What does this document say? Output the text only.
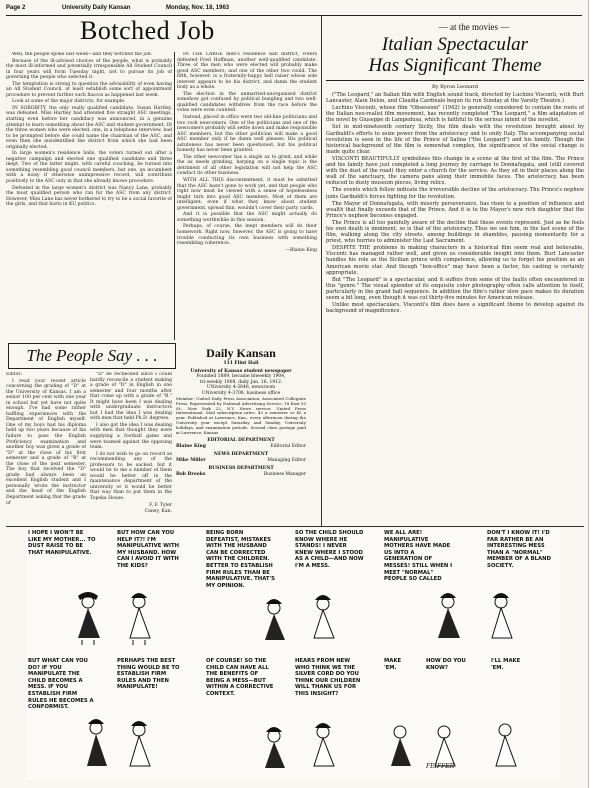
Page 2	University Daily Kansan	Monday, Nov. 18, 1963
Botched Job

Well, the people spoke last week—and they botched the job.

Because of the ill-advised choices of the people, what is probably the most ill-informed and potentially irresponsible All Student Council in four years will form Tuesday night, not to pursue its job of governing the people who selected it.

The temptation is strong to question the advisability of even having an All Student Council, at least establish some sort of appointment procedure to prevent further such fiascos as happened last week.

Look at some of the major districts, for example.

IN SOROBITY, the only really qualified candidate, Susan Hartley, was defeated. Miss Hartley had attended five straight ASC meetings, starting even before her candidacy was announced, in a genuine attempt to learn something about the ASC and student government. Of the three women who were elected, one, in a telephone interview, had to be prompted before she could name the chairman of the ASC, and even then she misidentified the district from which she had been originally elected.

In large women's residence halls, the voters turned out after a negative campaign and elected one qualified candidate and three inept. Two of the latter might, with careful coaching, be turned into something resembling good council members, but one, an incumbent with a noisy if otherwise unimpressive record, will contribute positively to the ASC only in that she already knows procedure.

Defeated in the large women's district was Nancy Lane, probably the most qualified person who ran for the ASC from any district. However, Miss Lane has never bothered to try to be a social favorite of the girls, and that hurts in KU politics.

IN THE LARGE men's residence hall district, voters defeated Fred Hoffman, another well-qualified candidate. Three of the men who were elected will probably make good ASC members, and one of the other two could. The fifth, however, is a fraternity-happy hell raiser whose sole interest appears to be his district, and damn the student body as a whole.

The election in the unmarried-unorganized district somehow got confused by political bungling and two well-qualified candidates withdrew from the race before the votes were even counted.

Instead, placed in office were two old-line politicians and two rock newcomers. One of the politicians and one of the newcomers probably will settle down and make responsible ASC members, but the other politician will make a good ASC member only if he damn well pleases. His political astuteness has never been questioned, but his political honesty has never been granted.

The other newcomer has a single ax to grind, and while the ax needs grinding, harping on a single topic is the detriment of all other legislation will not help the ASC conduct its other business.

WITH ALL THIS discontentment, it must be admitted that the ASC hasn't gone to work yet, and that people who right now must be viewed with a sense of hopelessness might turn into good ASC members. Most of them are intelligent, even if what they know about student government, spread thin, wouldn't cover their party cards.

And it is possible that the ASC might actually do something worthwhile in this session.

Perhaps, of course, the inept members will do their homework. Right now, however, the ASC is going to have trouble conducting its own business with something resembling coherence.

—Blaine King

— at the movies —
Italian Spectacular
Has Significant Theme
By Byron Leonard

("The Leopard," an Italian film with English sound track, directed by Luchino Visconti, with Burt Lancaster, Alain Delon, and Claudia Cardinale begun its run Sunday at the Varsity Theatre.)

Luchino Visconti, whose film "Obsession" (1942) is generally considered to contain the roots of the Italian neo-realist film movement, has recently completed "The Leopard," a film adaptation of the novel by Giuseppe di Lampedusa, which is faithful to the serious intent of the novelist.

Set in mid-nineteenth century Sicily, the film deals with the revolution brought about by Garibaldi's efforts to seize power from the aristocracy and to unify Italy. The accompanying social revolution is seen in the life of the Prince of Salina ("the Leopard") and his family. Though the historical background of the film is somewhat complex, the significance of the social change is made quite clear.

VISCONTI BEAUTIFULLY symbolizes this change in a scene at the first of the film. The Prince and his family have just completed a long journey by carriage to Donnafugata, and (still covered with the dust of the road) they enter a church for the service. As they sit in their places along the wall of the sanctuary, the camera pans along their immobile faces. The aristocracy has been reduced to dusty museum pieces, living relics.

The events which follow indicate the irreversible decline of the aristocracy. The Prince's nephew joins Garibaldi's forces fighting for the revolution.

The Mayor of Donnafugata, with miserly perseverance, has risen to a position of influence and wealth that finally exceeds that of the Prince. And it is to the Mayor's new rich daughter that the Prince's nephew becomes engaged.

The Prince is all too painfully aware of the decline that these events represent. Just as he feels his own death is imminent, so is that of the aristocracy. Thus we see him, in the last scene of the film, walking along the city streets, among buildings in shambles, pausing momentarily for a priest, who hurries to administer the Last Sacrament.

DESPITE THE problems in making characters in a historical film seem real and believable, Visconti has managed rather well, and given us considerable insight into them. Burt Lancaster handles his role as the Sicilian prince with competence, allowing us to forget his position as an American movie star. And though "box-office" may have been a factor, his casting is certainly appropriate.

But "The Leopard" is a spectacular, and it suffers from some of the faults often encountered in this "genre." The visual splendor of its exquisite color photography often calls attention to itself, particularly in the grand ball sequence. In addition the film's rather slow pace makes its duration seem a bit long, even though it was cut thirty-five minutes for American release.

Unlike most spectaculars, Visconti's film does have a significant theme to develop against its background of magnificence.

The People Say . . .

Editor:

I read your recent article concerning the grading of "D" at the University of Kansas. I am a senior 100 per cent with one year in school but yet have not quite enough. I've had some rather baffling experiences with the Department of English myself. One of my boys had his diploma held up two years because of his failure to pass the English Proficiency examination and another boy was given a grade of "D" at the close of his first semester and a grade of "B" at the close of the next semester. The boy that received the "D" grade had always been an excellent English student and I personally wrote the instructor and the head of the English Department asking that the grade of

"D" be rechecked since I could hardly reconcile a student making a grade of "D" in English in one semester and four months after that come up with a grade of "B." It might have been I was dealing with undergraduate instructors but I had the idea I was dealing with men that held Ph.D. degrees.

I also got the idea I was dealing with men that thought they were supplying a football game and were teamed against the opposing team.

I do not wish to go on record as recommending any of the professors to be sacked, but it would be to me a number of them would be better off in the maintenance department of the university or it would be better that way than to put them in the Topeka House.

F. F. Tyler

Caney, Kan.

Daily Kansan
111 Flint Hall
University of Kansas student newspaper
Founded 1889, became biweekly 1904,
tri-weekly 1908, daily Jan. 16, 1912.
UNiversity 4-3646, newsroom
UNiversity 4-3708, business office
Member: United Daily Press Association, Associated Collegiate Press. Represented by National Advertising Service, 18 East 50 St., New York 22, N.Y. News service: United Press International. Mail subscription rates: $3 a semester or $5 a year. Published at Lawrence, Kan., every afternoon during the University year except Saturday and Sunday, University holidays, and examination periods. Second class postage paid at Lawrence, Kansas
EDITORIAL DEPARTMENT
Blaine King	Editorial Editor
NEWS DEPARTMENT
Mike Miller	Managing Editor
BUSINESS DEPARTMENT
Bob Brooks	Business Manager
I HOPE I WON'T BE LIKE MY MOTHER... TO DUST RAISE TO BE THAT MANIPULATIVE.
BUT HOW CAN YOU HELP IT?! I'M MANIPULATIVE WITH MY HUSBAND. HOW CAN I AVOID IT WITH THE KIDS?
BEING BORN DEFEATIST, MISTAKES WITH THE HUSBAND CAN BE CORRECTED WITH THE CHILDREN. BETTER TO ESTABLISH FIRM RULES THAN BE MANIPULATIVE. THAT'S MY OPINION.
SO THE CHILD SHOULD KNOW WHERE HE STANDS! I NEVER KNEW WHERE I STOOD AS A CHILD—AND NOW I'M A MESS.
WE ALL ARE! MANIPULATIVE MOTHERS HAVE MADE US INTO A GENERATION OF MESSES! STILL WHEN I MEET "NORMAL" PEOPLE SO CALLED
DON'T I KNOW IT! I'D FAR RATHER BE AN INTERESTING MESS THAN A "NORMAL" MEMBER OF A BLAND SOCIETY.
BUT WHAT CAN YOU DO? IF YOU MANIPULATE THE CHILD BECOMES A MESS. IF YOU ESTABLISH FIRM RULES HE BECOMES A CONFORMIST.
PERHAPS THE BEST THING WOULD BE TO ESTABLISH FIRM RULES AND THEN MANIPULATE!
OF COURSE! SO THE CHILD CAN HAVE ALL THE BENEFITS OF BEING A MESS—BUT WITHIN A CORRECTIVE CONTEXT.
HEARS FROM NEW WHO THINK WE THE SILVER CORD DO YOU THINK OUR CHILDREN WILL THANK US FOR THIS INSIGHT?
MAKE 'EM.
HOW DO YOU KNOW?
I'LL MAKE 'EM.
FEIFFER
